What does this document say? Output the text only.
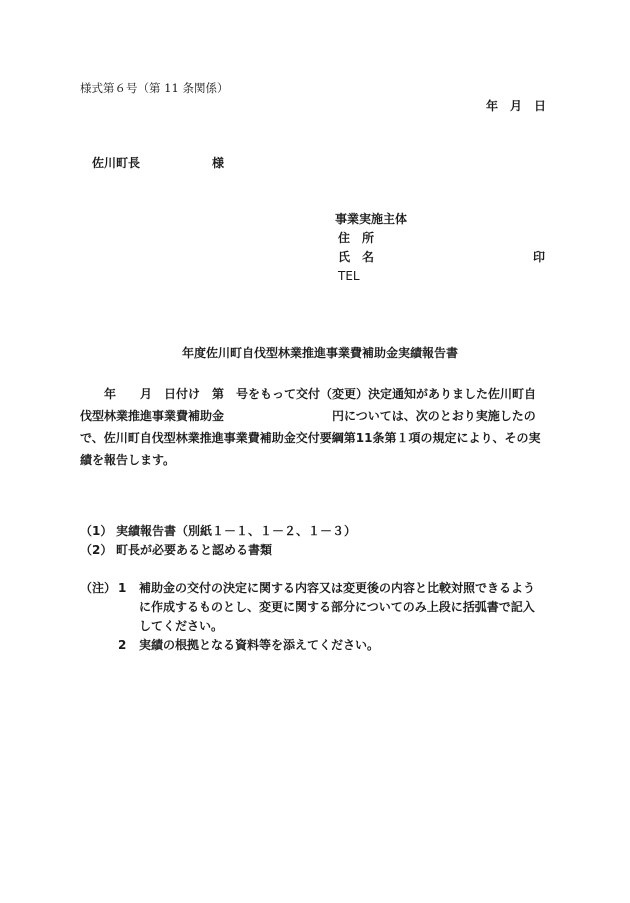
様式第６号（第 11 条関係）
年　月　日
佐川町長	様
事業実施主体
住　所
氏　名	印
TEL
年度佐川町自伐型林業推進事業費補助金実績報告書
年　　月　日付け　第　号をもって交付（変更）決定通知がありました佐川町自
伐型林業推進事業費補助金　　　　　　　　　円については、次のとおり実施したの
で、佐川町自伐型林業推進事業費補助金交付要綱第11条第１項の規定により、その実
績を報告します。
（1） 実績報告書（別紙１－１、１－２、１－３）
（2） 町長が必要あると認める書類
（注） 1 補助金の交付の決定に関する内容又は変更後の内容と比較対照できるよう
に作成するものとし、変更に関する部分についてのみ上段に括弧書で記入
してください。
2 実績の根拠となる資料等を添えてください。
